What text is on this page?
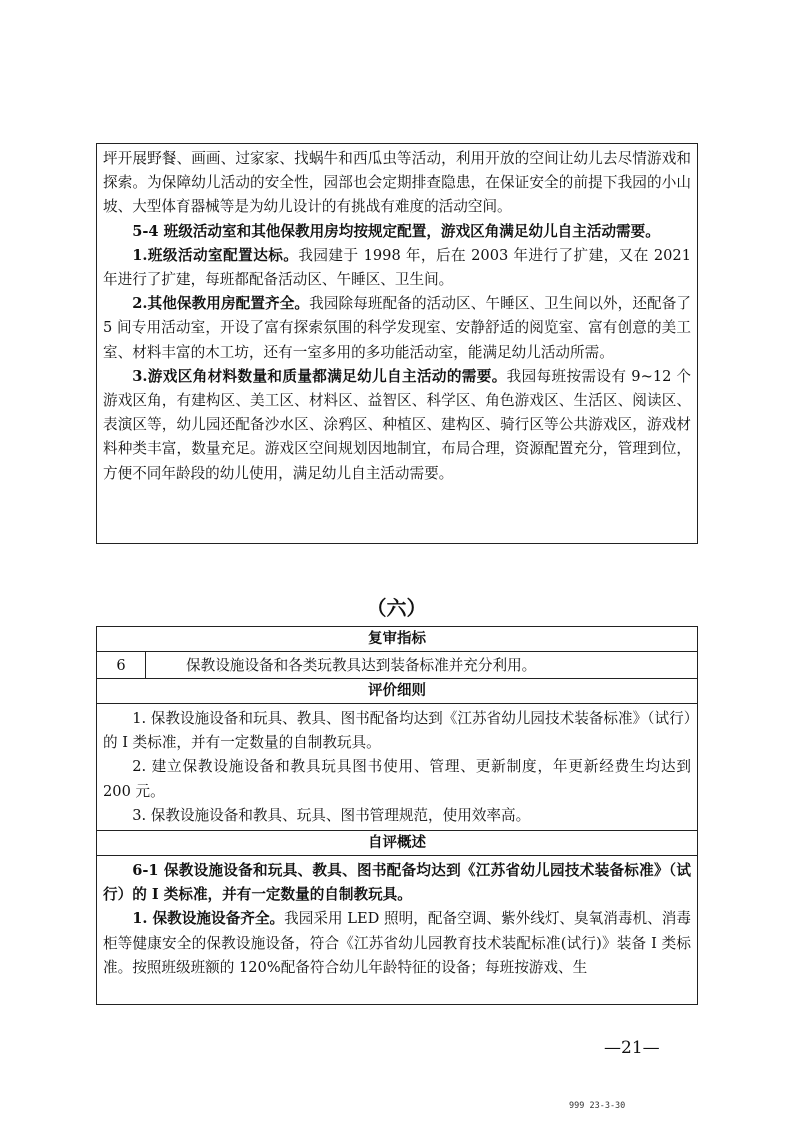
坪开展野餐、画画、过家家、找蜗牛和西瓜虫等活动，利用开放的空间让幼儿去尽情游戏和探索。为保障幼儿活动的安全性，园部也会定期排查隐患，在保证安全的前提下我园的小山坡、大型体育器械等是为幼儿设计的有挑战有难度的活动空间。

5-4 班级活动室和其他保教用房均按规定配置，游戏区角满足幼儿自主活动需要。

1.班级活动室配置达标。我园建于 1998 年，后在 2003 年进行了扩建，又在 2021 年进行了扩建，每班都配备活动区、午睡区、卫生间。

2.其他保教用房配置齐全。我园除每班配备的活动区、午睡区、卫生间以外，还配备了 5 间专用活动室，开设了富有探索氛围的科学发现室、安静舒适的阅览室、富有创意的美工室、材料丰富的木工坊，还有一室多用的多功能活动室，能满足幼儿活动所需。

3.游戏区角材料数量和质量都满足幼儿自主活动的需要。我园每班按需设有 9~12 个游戏区角，有建构区、美工区、材料区、益智区、科学区、角色游戏区、生活区、阅读区、表演区等，幼儿园还配备沙水区、涂鸦区、种植区、建构区、骑行区等公共游戏区，游戏材料种类丰富，数量充足。游戏区空间规划因地制宜，布局合理，资源配置充分，管理到位，方便不同年龄段的幼儿使用，满足幼儿自主活动需要。

（六）
复审指标
6	保教设施设备和各类玩教具达到装备标准并充分利用。
评价细则

1. 保教设施设备和玩具、教具、图书配备均达到《江苏省幼儿园技术装备标准》（试行）的 I 类标准，并有一定数量的自制教玩具。

2. 建立保教设施设备和教具玩具图书使用、管理、更新制度，年更新经费生均达到 200 元。

3. 保教设施设备和教具、玩具、图书管理规范，使用效率高。

自评概述

6-1 保教设施设备和玩具、教具、图书配备均达到《江苏省幼儿园技术装备标准》（试行）的 I 类标准，并有一定数量的自制教玩具。

1. 保教设施设备齐全。我园采用 LED 照明，配备空调、紫外线灯、臭氧消毒机、消毒柜等健康安全的保教设施设备，符合《江苏省幼儿园教育技术装配标准(试行)》装备 I 类标准。按照班级班额的 120%配备符合幼儿年龄特征的设备；每班按游戏、生

—21—
999 23-3-30
